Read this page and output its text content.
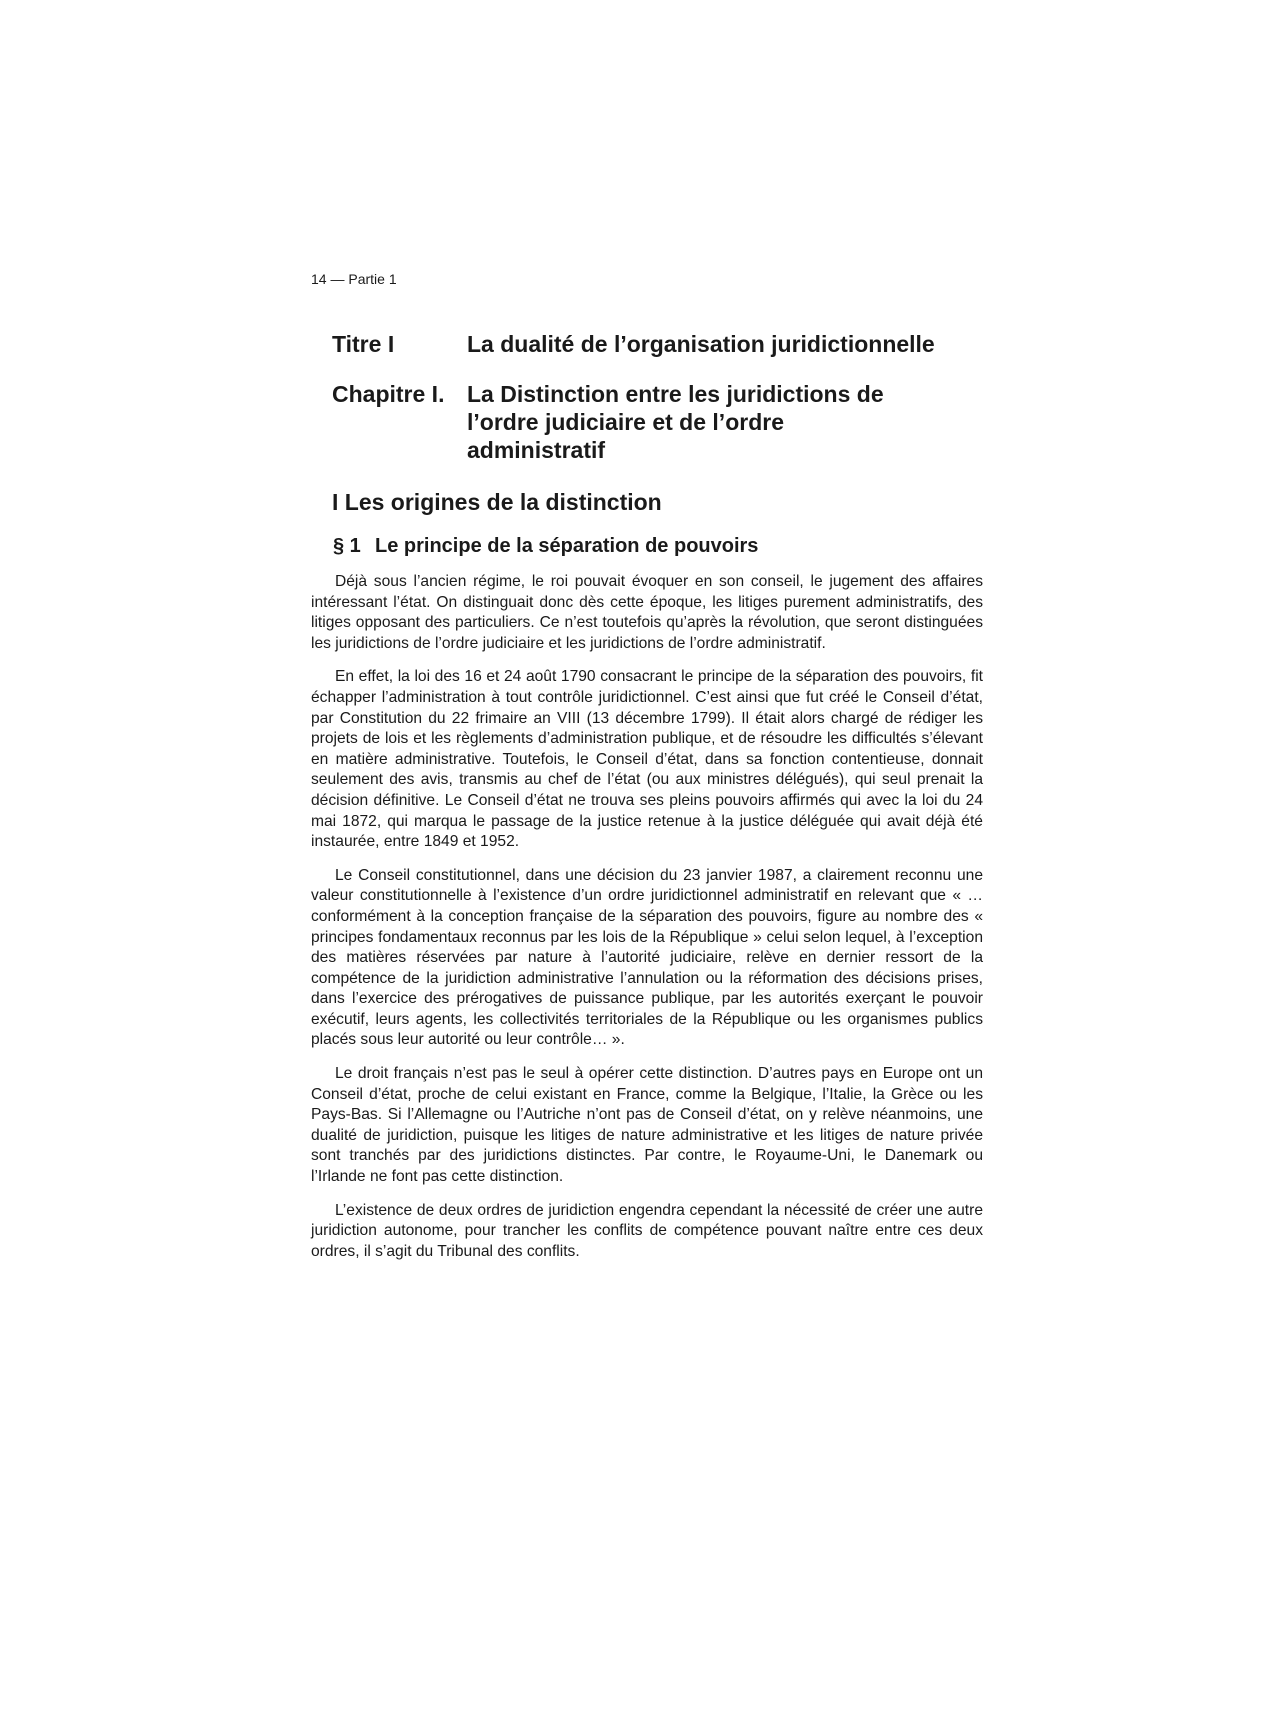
14 — Partie 1
Titre I	La dualité de l’organisation juridictionnelle
Chapitre I. La Distinction entre les juridictions de l’ordre judiciaire et de l’ordre administratif
I Les origines de la distinction
§ 1 Le principe de la séparation de pouvoirs

Déjà sous l’ancien régime, le roi pouvait évoquer en son conseil, le jugement des affaires intéressant l’état. On distinguait donc dès cette époque, les litiges purement administratifs, des litiges opposant des particuliers. Ce n’est toutefois qu’après la révolution, que seront distinguées les juridictions de l’ordre judiciaire et les juridictions de l’ordre administratif.

En effet, la loi des 16 et 24 août 1790 consacrant le principe de la séparation des pouvoirs, fit échapper l’administration à tout contrôle juridictionnel. C’est ainsi que fut créé le Conseil d’état, par Constitution du 22 frimaire an VIII (13 décembre 1799). Il était alors chargé de rédiger les projets de lois et les règlements d’administration publique, et de résoudre les difficultés s’élevant en matière administrative. Toutefois, le Conseil d’état, dans sa fonction contentieuse, donnait seulement des avis, transmis au chef de l’état (ou aux ministres délégués), qui seul prenait la décision définitive. Le Conseil d’état ne trouva ses pleins pouvoirs affirmés qui avec la loi du 24 mai 1872, qui marqua le passage de la justice retenue à la justice déléguée qui avait déjà été instaurée, entre 1849 et 1952.

Le Conseil constitutionnel, dans une décision du 23 janvier 1987, a clairement reconnu une valeur constitutionnelle à l’existence d’un ordre juridictionnel administratif en relevant que « …conformément à la conception française de la séparation des pouvoirs, figure au nombre des « principes fondamentaux reconnus par les lois de la République » celui selon lequel, à l’exception des matières réservées par nature à l’autorité judiciaire, relève en dernier ressort de la compétence de la juridiction administrative l’annulation ou la réformation des décisions prises, dans l’exercice des prérogatives de puissance publique, par les autorités exerçant le pouvoir exécutif, leurs agents, les collectivités territoriales de la République ou les organismes publics placés sous leur autorité ou leur contrôle… ».

Le droit français n’est pas le seul à opérer cette distinction. D’autres pays en Europe ont un Conseil d’état, proche de celui existant en France, comme la Belgique, l’Italie, la Grèce ou les Pays-Bas. Si l’Allemagne ou l’Autriche n’ont pas de Conseil d’état, on y relève néanmoins, une dualité de juridiction, puisque les litiges de nature administrative et les litiges de nature privée sont tranchés par des juridictions distinctes. Par contre, le Royaume-Uni, le Danemark ou l’Irlande ne font pas cette distinction.

L’existence de deux ordres de juridiction engendra cependant la nécessité de créer une autre juridiction autonome, pour trancher les conflits de compétence pouvant naître entre ces deux ordres, il s’agit du Tribunal des conflits.
